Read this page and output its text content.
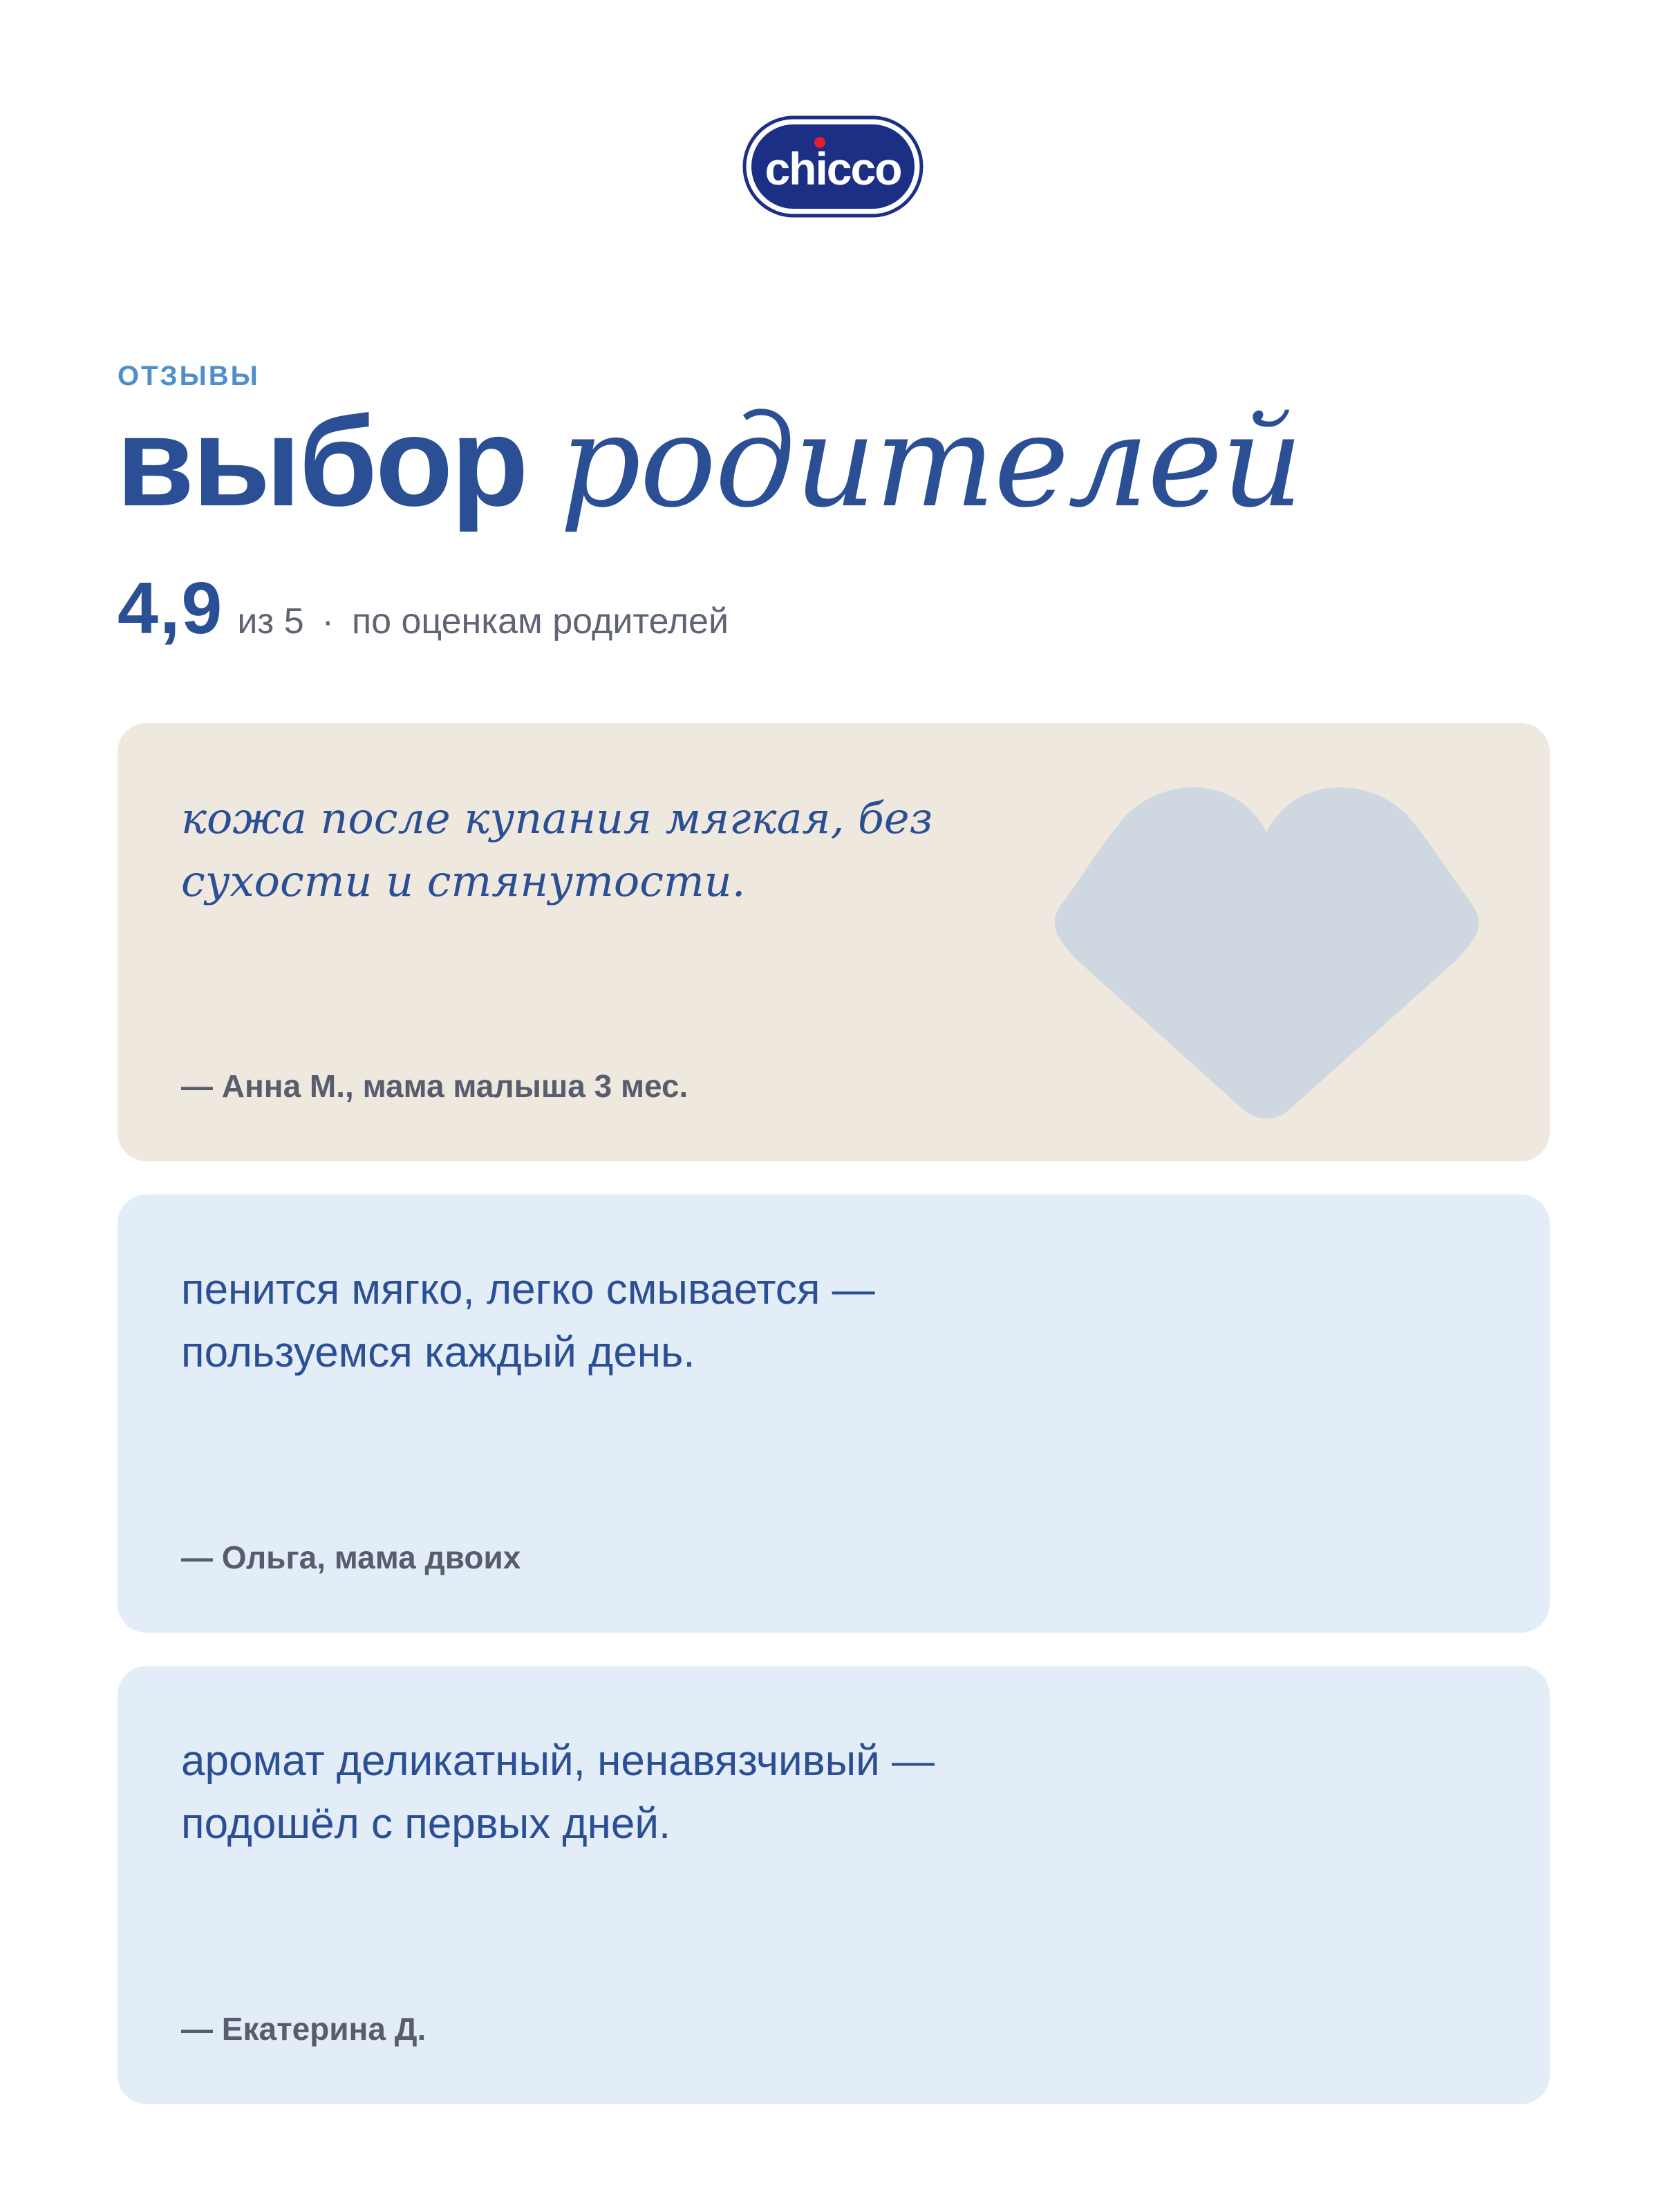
chicco
ОТЗЫВЫ
выбор родителей
4,9 из 5 · по оценкам родителей
кожа после купания мягкая, без сухости и стянутости.
— Анна М., мама малыша 3 мес.
пенится мягко, легко смывается — пользуемся каждый день.
— Ольга, мама двоих
аромат деликатный, ненавязчивый — подошёл с первых дней.
— Екатерина Д.
